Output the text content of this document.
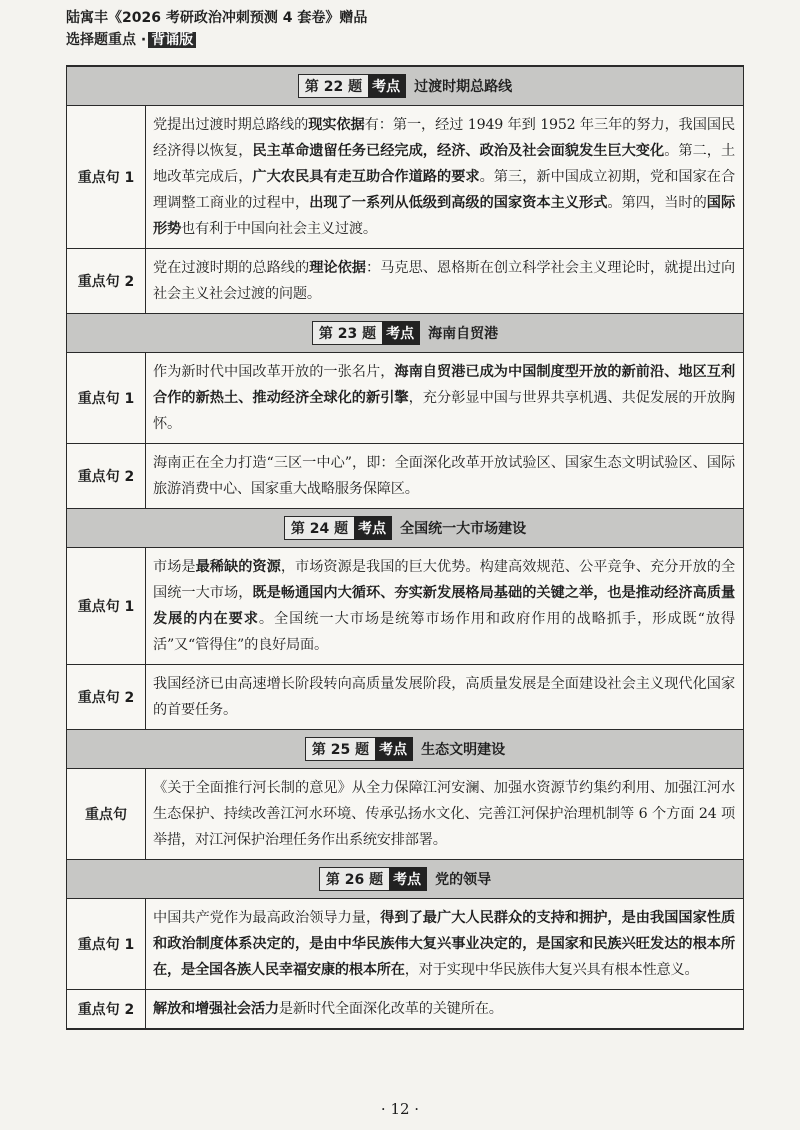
陆寓丰《2026 考研政治冲刺预测 4 套卷》赠品
选择题重点 · 背诵版
第 22 题 考点	过渡时期总路线
重点句 1
党提出过渡时期总路线的现实依据有：第一，经过 1949 年到 1952 年三年的努力，我国国民经济得以恢复，民主革命遗留任务已经完成，经济、政治及社会面貌发生巨大变化。第二，土地改革完成后，广大农民具有走互助合作道路的要求。第三，新中国成立初期，党和国家在合理调整工商业的过程中，出现了一系列从低级到高级的国家资本主义形式。第四，当时的国际形势也有利于中国向社会主义过渡。
重点句 2
党在过渡时期的总路线的理论依据：马克思、恩格斯在创立科学社会主义理论时，就提出过向社会主义社会过渡的问题。
第 23 题 考点	海南自贸港
重点句 1
作为新时代中国改革开放的一张名片，海南自贸港已成为中国制度型开放的新前沿、地区互利合作的新热土、推动经济全球化的新引擎，充分彰显中国与世界共享机遇、共促发展的开放胸怀。
重点句 2
海南正在全力打造“三区一中心”，即：全面深化改革开放试验区、国家生态文明试验区、国际旅游消费中心、国家重大战略服务保障区。
第 24 题 考点	全国统一大市场建设
重点句 1
市场是最稀缺的资源，市场资源是我国的巨大优势。构建高效规范、公平竞争、充分开放的全国统一大市场，既是畅通国内大循环、夯实新发展格局基础的关键之举，也是推动经济高质量发展的内在要求。全国统一大市场是统筹市场作用和政府作用的战略抓手，形成既“放得活”又“管得住”的良好局面。
重点句 2
我国经济已由高速增长阶段转向高质量发展阶段，高质量发展是全面建设社会主义现代化国家的首要任务。
第 25 题 考点	生态文明建设
重点句
《关于全面推行河长制的意见》从全力保障江河安澜、加强水资源节约集约利用、加强江河水生态保护、持续改善江河水环境、传承弘扬水文化、完善江河保护治理机制等 6 个方面 24 项举措，对江河保护治理任务作出系统安排部署。
第 26 题 考点	党的领导
重点句 1
中国共产党作为最高政治领导力量，得到了最广大人民群众的支持和拥护，是由我国国家性质和政治制度体系决定的，是由中华民族伟大复兴事业决定的，是国家和民族兴旺发达的根本所在，是全国各族人民幸福安康的根本所在，对于实现中华民族伟大复兴具有根本性意义。
重点句 2	解放和增强社会活力是新时代全面深化改革的关键所在。
· 12 ·
